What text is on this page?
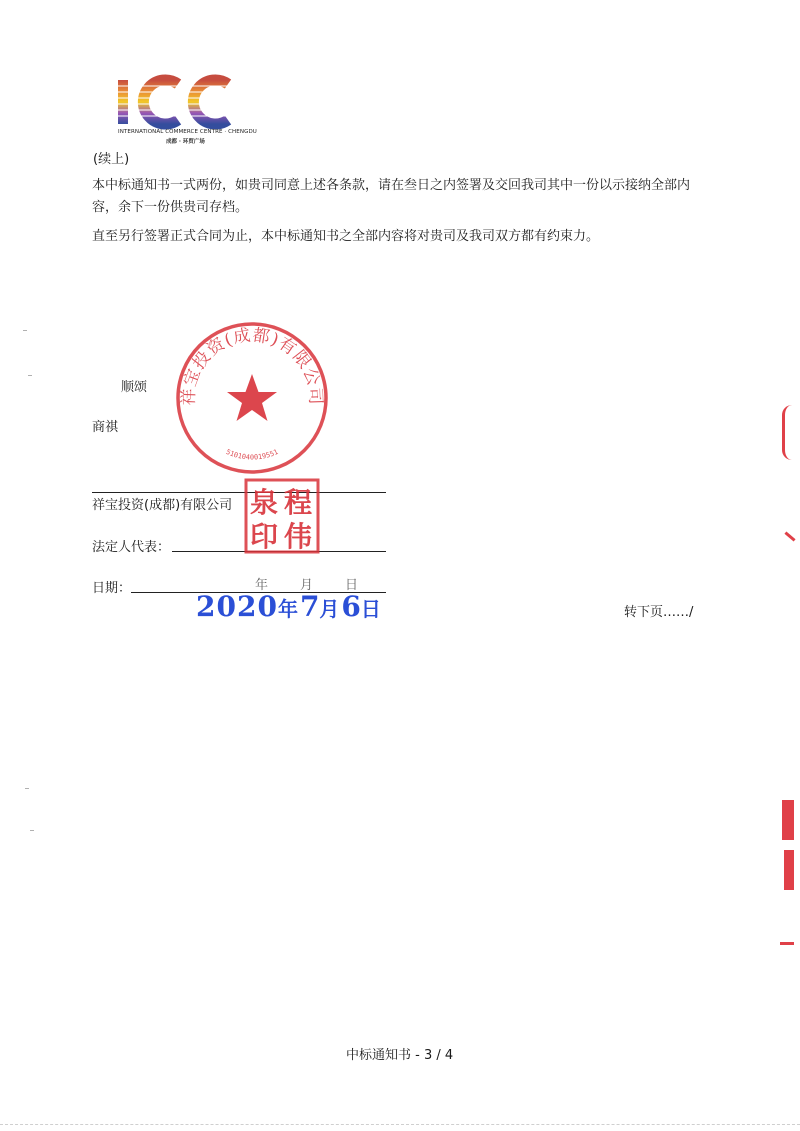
INTERNATIONAL COMMERCE CENTRE · CHENGDU
成都 · 环贸广场
(续上)
本中标通知书一式两份，如贵司同意上述各条款，请在叁日之内签署及交回我司其中一份以示接纳全部内容，余下一份供贵司存档。
直至另行签署正式合同为止，本中标通知书之全部内容将对贵司及我司双方都有约束力。
顺颂
商祺
祥宝投资(成都)有限公司
5101040019551
祥宝投资(成都)有限公司
法定人代表：
日期：	年 月 日
泉 程
印 伟
2020年7月6日	转下页……/
中标通知书 - 3 / 4
